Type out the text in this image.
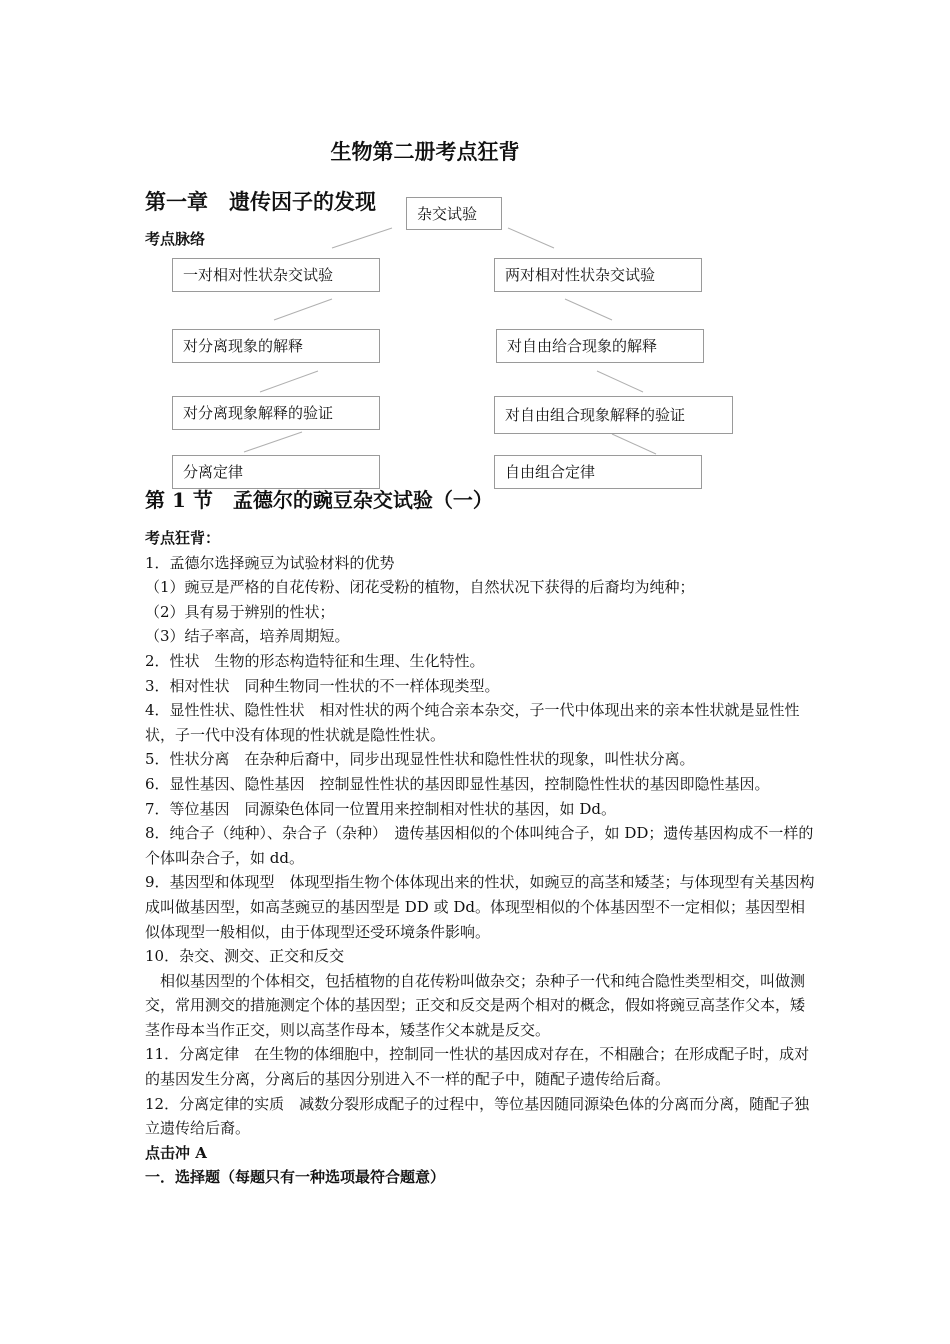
生物第二册考点狂背
第一章　遗传因子的发现
考点脉络
杂交试验
一对相对性状杂交试验
对分离现象的解释
对分离现象解释的验证
分离定律
两对相对性状杂交试验
对自由给合现象的解释
对自由组合现象解释的验证
自由组合定律
第 1 节　孟德尔的豌豆杂交试验（一）

考点狂背：

1．孟德尔选择豌豆为试验材料的优势

（1）豌豆是严格的自花传粉、闭花受粉的植物，自然状况下获得的后裔均为纯种；

（2）具有易于辨别的性状；

（3）结子率高，培养周期短。

2．性状　生物的形态构造特征和生理、生化特性。

3．相对性状　同种生物同一性状的不一样体现类型。

4．显性性状、隐性性状　相对性状的两个纯合亲本杂交，子一代中体现出来的亲本性状就是显性性状，子一代中没有体现的性状就是隐性性状。

5．性状分离　在杂种后裔中，同步出现显性性状和隐性性状的现象，叫性状分离。

6．显性基因、隐性基因　控制显性性状的基因即显性基因，控制隐性性状的基因即隐性基因。

7．等位基因　同源染色体同一位置用来控制相对性状的基因，如 Dd。

8．纯合子（纯种）、杂合子（杂种）　遗传基因相似的个体叫纯合子，如 DD；遗传基因构成不一样的个体叫杂合子，如 dd。

9．基因型和体现型　体现型指生物个体体现出来的性状，如豌豆的高茎和矮茎；与体现型有关基因构成叫做基因型，如高茎豌豆的基因型是 DD 或 Dd。体现型相似的个体基因型不一定相似；基因型相似体现型一般相似，由于体现型还受环境条件影响。

10．杂交、测交、正交和反交

相似基因型的个体相交，包括植物的自花传粉叫做杂交；杂种子一代和纯合隐性类型相交，叫做测交，常用测交的措施测定个体的基因型；正交和反交是两个相对的概念，假如将豌豆高茎作父本，矮茎作母本当作正交，则以高茎作母本，矮茎作父本就是反交。

11．分离定律　在生物的体细胞中，控制同一性状的基因成对存在，不相融合；在形成配子时，成对的基因发生分离，分离后的基因分别进入不一样的配子中，随配子遗传给后裔。

12．分离定律的实质　减数分裂形成配子的过程中，等位基因随同源染色体的分离而分离，随配子独立遗传给后裔。

点击冲 A

一．选择题（每题只有一种选项最符合题意）
